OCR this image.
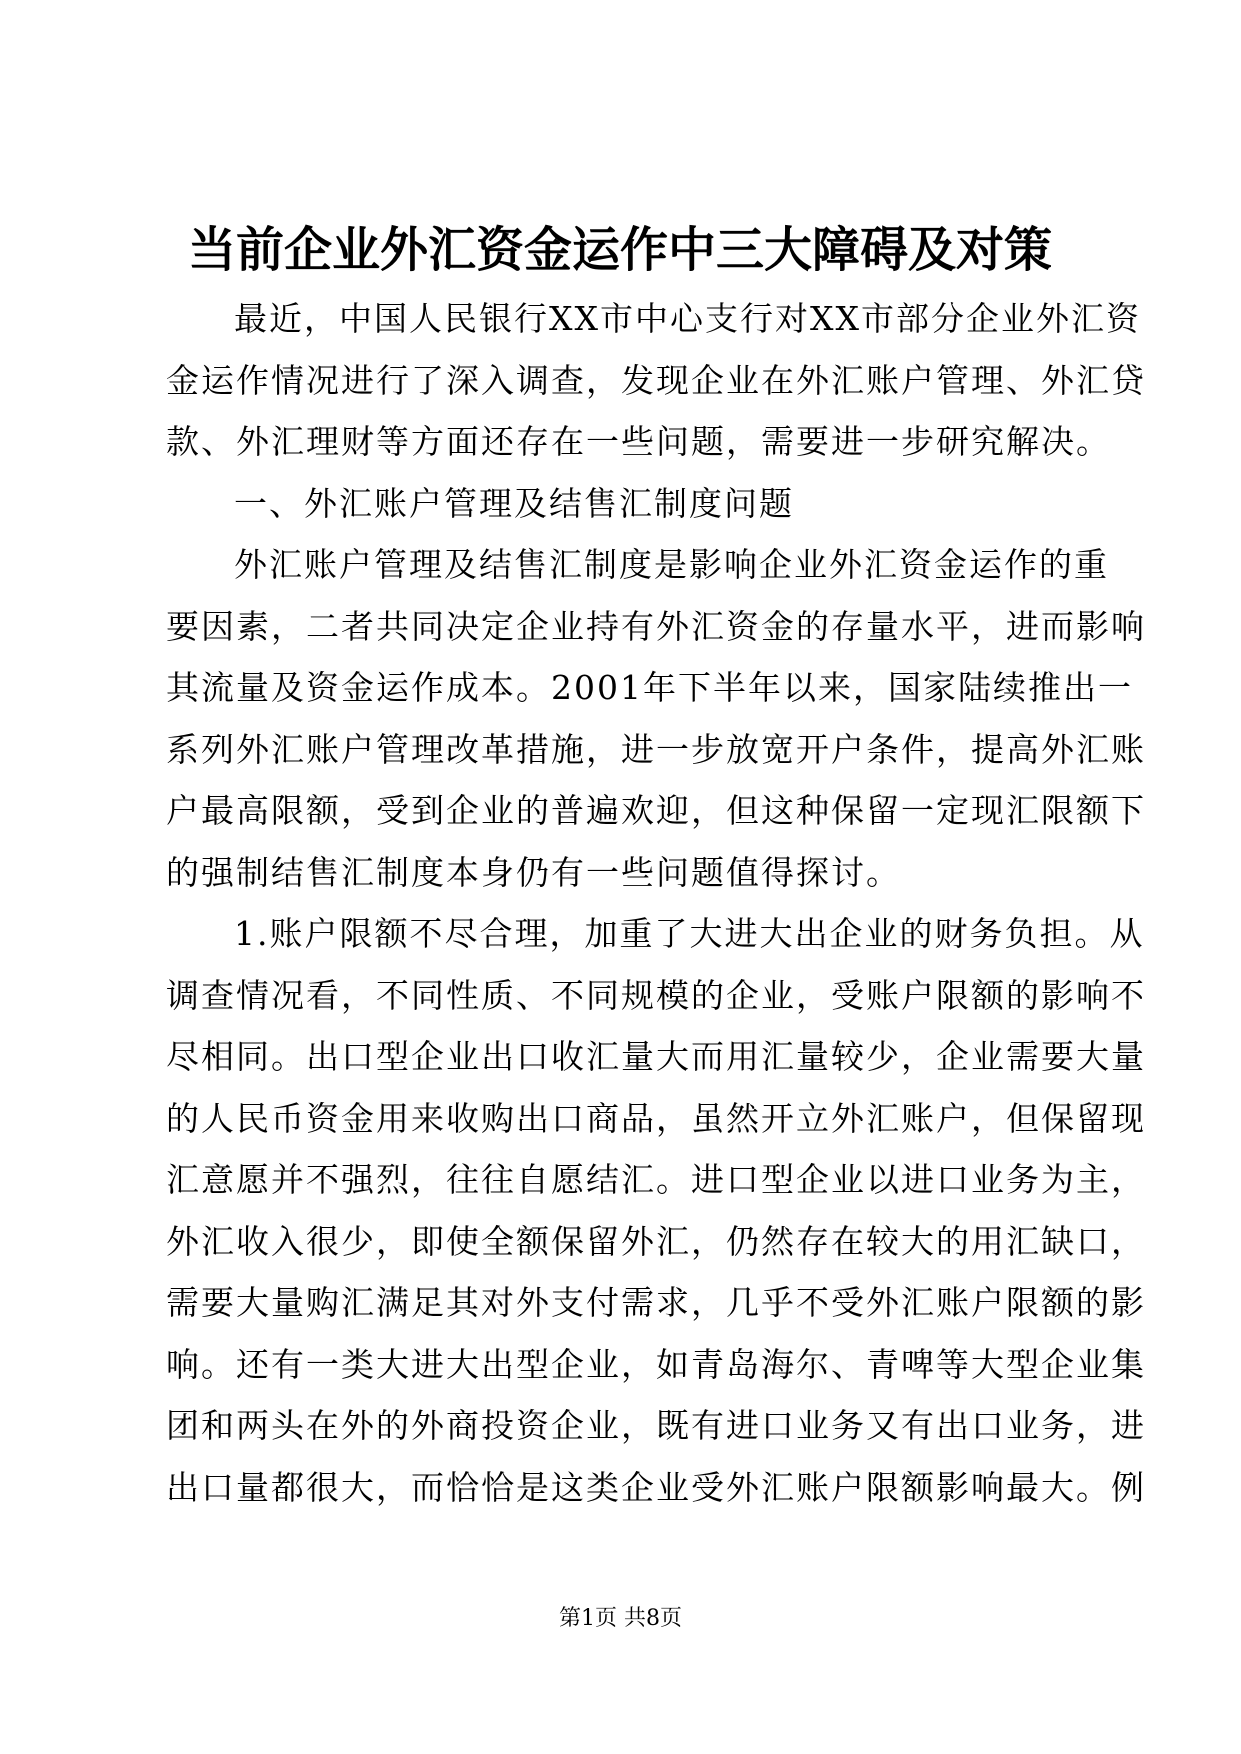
当前企业外汇资金运作中三大障碍及对策
最近，中国人民银行XX市中心支行对XX市部分企业外汇资
金运作情况进行了深入调查，发现企业在外汇账户管理、外汇贷
款、外汇理财等方面还存在一些问题，需要进一步研究解决。
一、外汇账户管理及结售汇制度问题
外汇账户管理及结售汇制度是影响企业外汇资金运作的重
要因素，二者共同决定企业持有外汇资金的存量水平，进而影响
其流量及资金运作成本。2001年下半年以来，国家陆续推出一
系列外汇账户管理改革措施，进一步放宽开户条件，提高外汇账
户最高限额，受到企业的普遍欢迎，但这种保留一定现汇限额下
的强制结售汇制度本身仍有一些问题值得探讨。
1.账户限额不尽合理，加重了大进大出企业的财务负担。从
调查情况看，不同性质、不同规模的企业，受账户限额的影响不
尽相同。出口型企业出口收汇量大而用汇量较少，企业需要大量
的人民币资金用来收购出口商品，虽然开立外汇账户，但保留现
汇意愿并不强烈，往往自愿结汇。进口型企业以进口业务为主，
外汇收入很少，即使全额保留外汇，仍然存在较大的用汇缺口，
需要大量购汇满足其对外支付需求，几乎不受外汇账户限额的影
响。还有一类大进大出型企业，如青岛海尔、青啤等大型企业集
团和两头在外的外商投资企业，既有进口业务又有出口业务，进
出口量都很大，而恰恰是这类企业受外汇账户限额影响最大。例
第1页 共8页
